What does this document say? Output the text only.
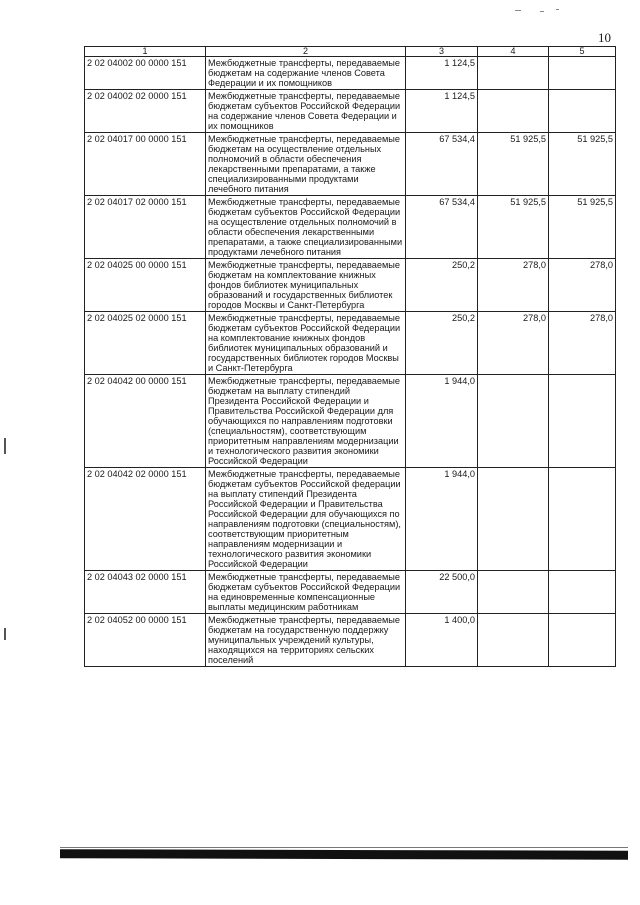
10
1	2	3	4	5
2 02 04002 00 0000 151	Межбюджетные трансферты, передаваемые бюджетам на содержание членов Совета Федерации и их помощников	1 124,5		
2 02 04002 02 0000 151	Межбюджетные трансферты, передаваемые бюджетам субъектов Российской Федерации на содержание членов Совета Федерации и их помощников	1 124,5		
2 02 04017 00 0000 151	Межбюджетные трансферты, передаваемые бюджетам на осуществление отдельных полномочий в области обеспечения лекарственными препаратами, а также специализированными продуктами лечебного питания	67 534,4	51 925,5	51 925,5
2 02 04017 02 0000 151	Межбюджетные трансферты, передаваемые бюджетам субъектов Российской Федерации на осуществление отдельных полномочий в области обеспечения лекарственными препаратами, а также специализированными продуктами лечебного питания	67 534,4	51 925,5	51 925,5
2 02 04025 00 0000 151	Межбюджетные трансферты, передаваемые бюджетам на комплектование книжных фондов библиотек муниципальных образований и государственных библиотек городов Москвы и Санкт-Петербурга	250,2	278,0	278,0
2 02 04025 02 0000 151	Межбюджетные трансферты, передаваемые бюджетам субъектов Российской Федерации на комплектование книжных фондов библиотек муниципальных образований и государственных библиотек городов Москвы и Санкт-Петербурга	250,2	278,0	278,0
2 02 04042 00 0000 151	Межбюджетные трансферты, передаваемые бюджетам на выплату стипендий Президента Российской Федерации и Правительства Российской Федерации для обучающихся по направлениям подготовки (специальностям), соответствующим приоритетным направлениям модернизации и технологического развития экономики Российской Федерации	1 944,0		
2 02 04042 02 0000 151	Межбюджетные трансферты, передаваемые бюджетам субъектов Российской федерации на выплату стипендий Президента Российской Федерации и Правительства Российской Федерации для обучающихся по направлениям подготовки (специальностям), соответствующим приоритетным направлениям модернизации и технологического развития экономики Российской Федерации	1 944,0		
2 02 04043 02 0000 151	Межбюджетные трансферты, передаваемые бюджетам субъектов Российской Федерации на единовременные компенсационные выплаты медицинским работникам	22 500,0		
2 02 04052 00 0000 151	Межбюджетные трансферты, передаваемые бюджетам на государственную поддержку муниципальных учреждений культуры, находящихся на территориях сельских поселений	1 400,0		
